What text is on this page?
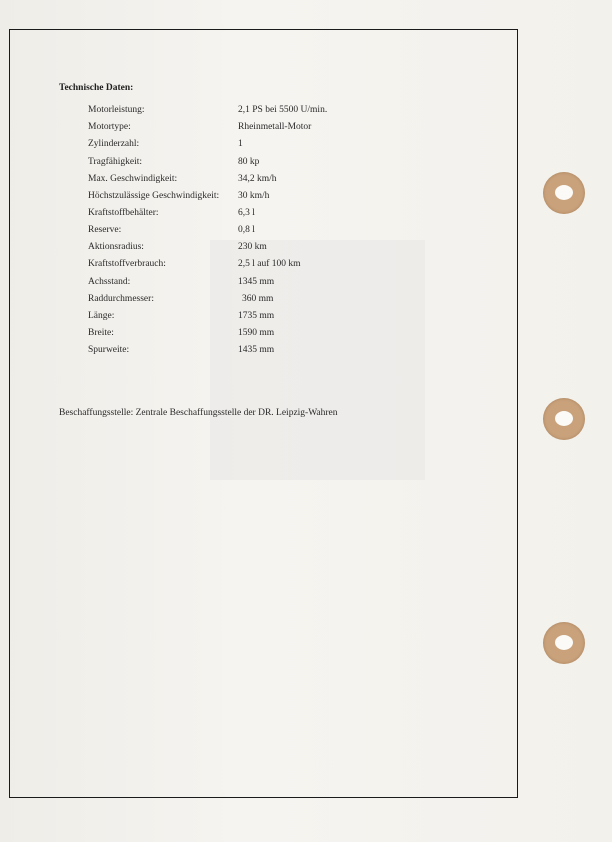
Technische Daten:
Motorleistung:	2,1 PS bei 5500 U/min.
Motortype:	Rheinmetall-Motor
Zylinderzahl:	1
Tragfähigkeit:	80 kp
Max. Geschwindigkeit:	34,2 km/h
Höchstzulässige Geschwindigkeit: 30 km/h
Kraftstoffbehälter:	6,3 l
Reserve:	0,8 l
Aktionsradius:	230 km
Kraftstoffverbrauch:	2,5 l auf 100 km
Achsstand:	1345 mm
Raddurchmesser:	360 mm
Länge:	1735 mm
Breite:	1590 mm
Spurweite:	1435 mm
Beschaffungsstelle: Zentrale Beschaffungsstelle der DR. Leipzig-Wahren
